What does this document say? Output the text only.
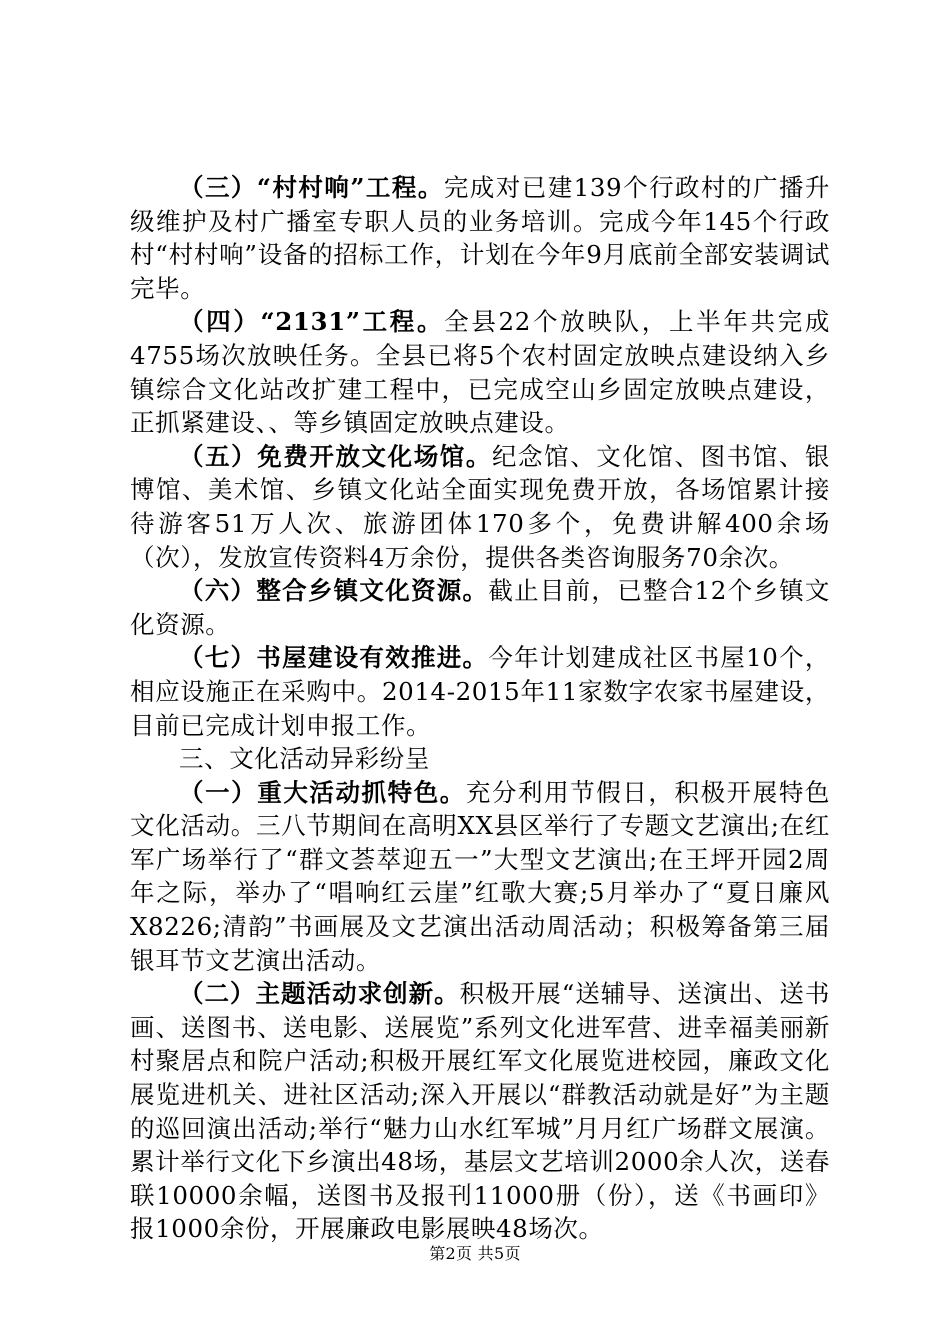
（三）“村村响”工程。完成对已建139个行政村的广播升级维护及村广播室专职人员的业务培训。完成今年145个行政村“村村响”设备的招标工作，计划在今年9月底前全部安装调试完毕。

（四）“2131”工程。全县22个放映队，上半年共完成4755场次放映任务。全县已将5个农村固定放映点建设纳入乡镇综合文化站改扩建工程中，已完成空山乡固定放映点建设，正抓紧建设、、等乡镇固定放映点建设。

（五）免费开放文化场馆。纪念馆、文化馆、图书馆、银博馆、美术馆、乡镇文化站全面实现免费开放，各场馆累计接待游客51万人次、旅游团体170多个，免费讲解400余场（次），发放宣传资料4万余份，提供各类咨询服务70余次。

（六）整合乡镇文化资源。截止目前，已整合12个乡镇文化资源。

（七）书屋建设有效推进。今年计划建成社区书屋10个，相应设施正在采购中。2014-2015年11家数字农家书屋建设，目前已完成计划申报工作。

三、文化活动异彩纷呈

（一）重大活动抓特色。充分利用节假日，积极开展特色文化活动。三八节期间在高明XX县区举行了专题文艺演出;在红军广场举行了“群文荟萃迎五一”大型文艺演出;在王坪开园2周年之际，举办了“唱响红云崖”红歌大赛;5月举办了“夏日廉风X8226;清韵”书画展及文艺演出活动周活动；积极筹备第三届银耳节文艺演出活动。

（二）主题活动求创新。积极开展“送辅导、送演出、送书画、送图书、送电影、送展览”系列文化进军营、进幸福美丽新村聚居点和院户活动;积极开展红军文化展览进校园，廉政文化展览进机关、进社区活动;深入开展以“群教活动就是好”为主题的巡回演出活动;举行“魅力山水红军城”月月红广场群文展演。累计举行文化下乡演出48场，基层文艺培训2000余人次，送春联10000余幅，送图书及报刊11000册（份），送《书画印》报1000余份，开展廉政电影展映48场次。

第2页 共5页
